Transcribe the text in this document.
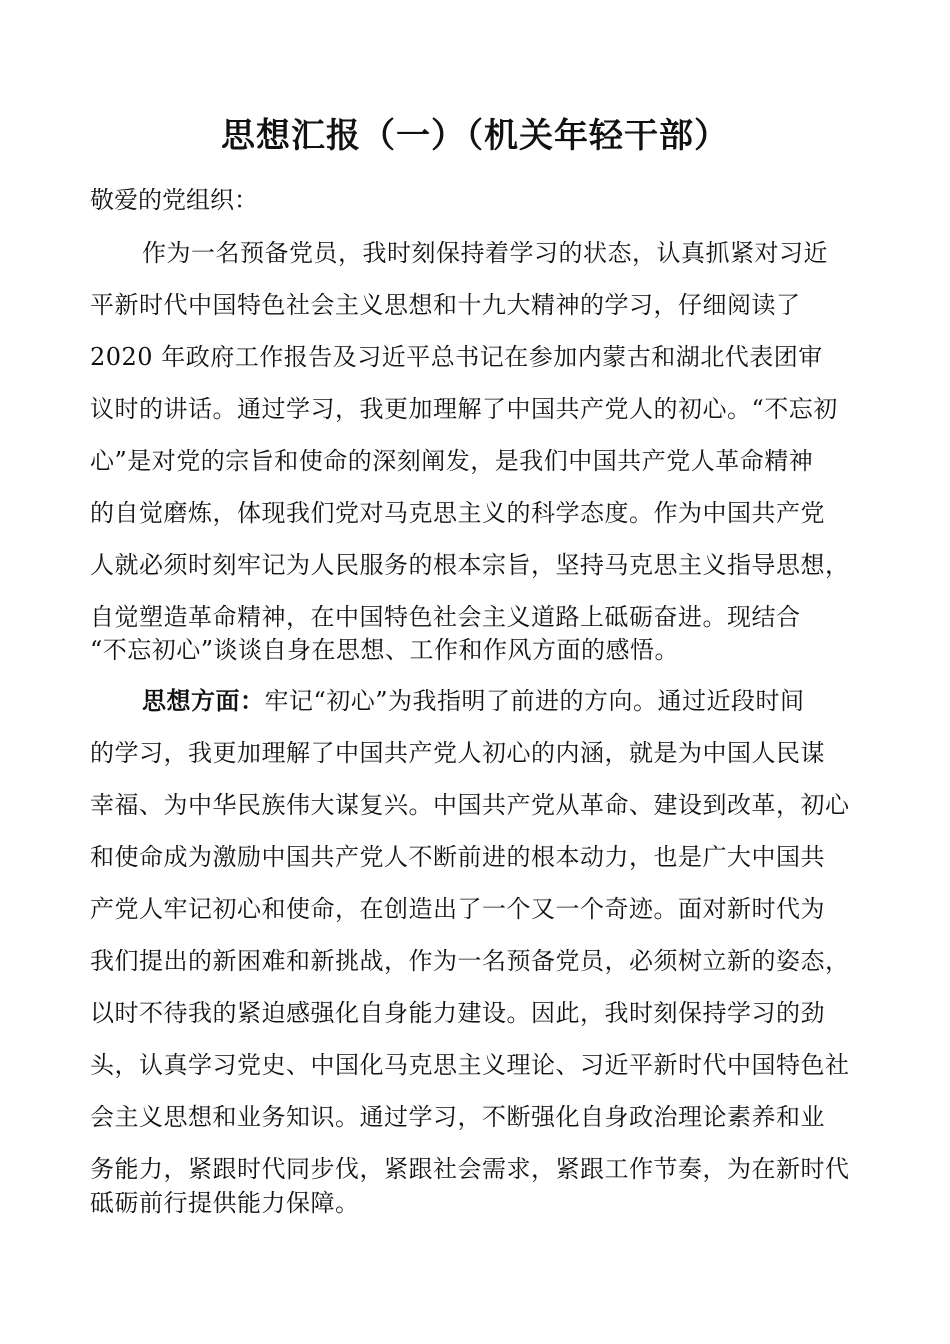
思想汇报（一）（机关年轻干部）
敬爱的党组织：
作为一名预备党员，我时刻保持着学习的状态，认真抓紧对习近
平新时代中国特色社会主义思想和十九大精神的学习，仔细阅读了
2020 年政府工作报告及习近平总书记在参加内蒙古和湖北代表团审
议时的讲话。通过学习，我更加理解了中国共产党人的初心。“不忘初
心”是对党的宗旨和使命的深刻阐发，是我们中国共产党人革命精神
的自觉磨炼，体现我们党对马克思主义的科学态度。作为中国共产党
人就必须时刻牢记为人民服务的根本宗旨，坚持马克思主义指导思想，
自觉塑造革命精神，在中国特色社会主义道路上砥砺奋进。现结合
“不忘初心”谈谈自身在思想、工作和作风方面的感悟。
思想方面：牢记“初心”为我指明了前进的方向。通过近段时间
的学习，我更加理解了中国共产党人初心的内涵，就是为中国人民谋
幸福、为中华民族伟大谋复兴。中国共产党从革命、建设到改革，初心
和使命成为激励中国共产党人不断前进的根本动力，也是广大中国共
产党人牢记初心和使命，在创造出了一个又一个奇迹。面对新时代为
我们提出的新困难和新挑战，作为一名预备党员，必须树立新的姿态，
以时不待我的紧迫感强化自身能力建设。因此，我时刻保持学习的劲
头，认真学习党史、中国化马克思主义理论、习近平新时代中国特色社
会主义思想和业务知识。通过学习，不断强化自身政治理论素养和业
务能力，紧跟时代同步伐，紧跟社会需求，紧跟工作节奏，为在新时代
砥砺前行提供能力保障。
